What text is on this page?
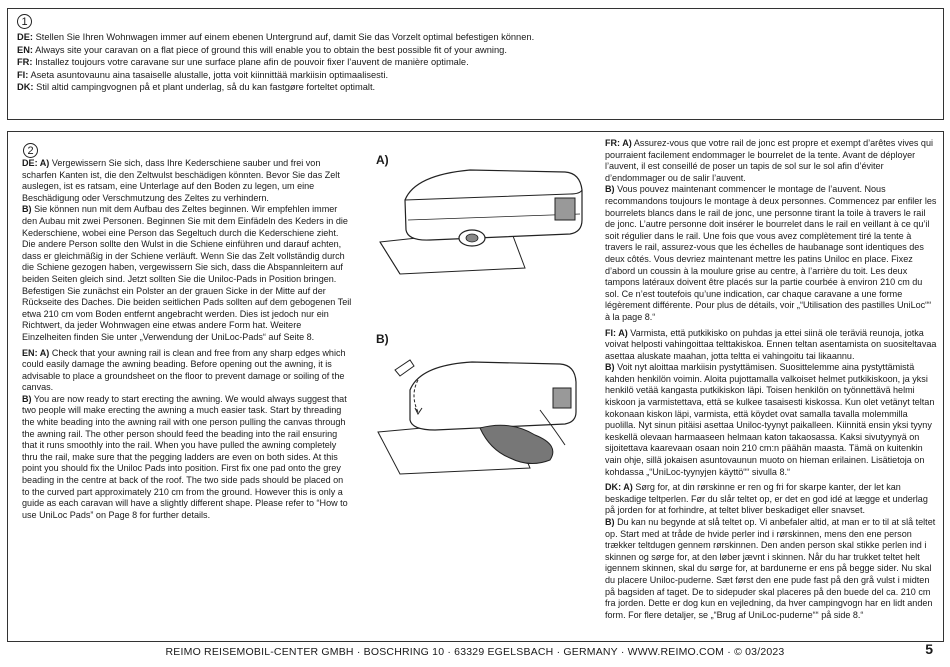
1
DE: Stellen Sie Ihren Wohnwagen immer auf einem ebenen Untergrund auf, damit Sie das Vorzelt optimal befestigen können.
EN: Always site your caravan on a flat piece of ground this will enable you to obtain the best possible fit of your awning.
FR: Installez toujours votre caravane sur une surface plane afin de pouvoir fixer l’auvent de manière optimale.
FI: Aseta asuntovaunu aina tasaiselle alustalle, jotta voit kiinnittää markiisin optimaalisesti.
DK: Stil altid campingvognen på et plant underlag, så du kan fastgøre forteltet optimalt.
2

DE: A) Vergewissern Sie sich, dass Ihre Kederschiene sauber und frei von scharfen Kanten ist, die den Zeltwulst beschädigen könnten. Bevor Sie das Zelt auslegen, ist es ratsam, eine Unterlage auf den Boden zu legen, um eine Beschädigung oder Verschmutzung des Zeltes zu verhindern.
B) Sie können nun mit dem Aufbau des Zeltes beginnen. Wir empfehlen immer den Aubau mit zwei Personen. Beginnen Sie mit dem Einfädeln des Keders in die Kederschiene, wobei eine Person das Segeltuch durch die Kederschiene zieht. Die andere Person sollte den Wulst in die Schiene einführen und darauf achten, dass er gleichmäßig in der Schiene verläuft. Wenn Sie das Zelt vollständig durch die Schiene gezogen haben, vergewissern Sie sich, dass die Abspannleitern auf beiden Seiten gleich sind. Jetzt sollten Sie die Uniloc-Pads in Position bringen. Befestigen Sie zunächst ein Polster an der grauen Sicke in der Mitte auf der Rückseite des Daches. Die beiden seitlichen Pads sollten auf dem gebogenen Teil etwa 210 cm vom Boden entfernt angebracht werden. Dies ist jedoch nur ein Richtwert, da jeder Wohnwagen eine etwas andere Form hat. Weitere Einzelheiten finden Sie unter „Verwendung der UniLoc-Pads“ auf Seite 8.

EN: A) Check that your awning rail is clean and free from any sharp edges which could easily damage the awning beading. Before opening out the awning, it is advisable to place a groundsheet on the floor to prevent damage or soiling of the canvas.
B) You are now ready to start erecting the awning. We would always suggest that two people will make erecting the awning a much easier task. Start by threading the white beading into the awning rail with one person pulling the canvas through the awning rail. The other person should feed the beading into the rail ensuring that it runs smoothly into the rail. When you have pulled the awning completely thru the rail, make sure that the pegging ladders are even on both sides. At this point you should fix the Uniloc Pads into position. First fix one pad onto the grey beading in the centre at back of the roof. The two side pads should be placed on to the curved part approximately 210 cm from the ground. However this is only a guide as each caravan will have a slightly different shape. Please refer to “How to use UniLoc Pads” on Page 8 for further details.

A)
B)

FR: A) Assurez-vous que votre rail de jonc est propre et exempt d’arêtes vives qui pourraient facilement endommager le bourrelet de la tente. Avant de déployer l’auvent, il est conseillé de poser un tapis de sol sur le sol afin d’éviter d’endommager ou de salir l’auvent.
B) Vous pouvez maintenant commencer le montage de l’auvent. Nous recommandons toujours le montage à deux personnes. Commencez par enfiler les bourrelets blancs dans le rail de jonc, une personne tirant la toile à travers le rail de jonc. L’autre personne doit insérer le bourrelet dans le rail en veillant à ce qu’il soit régulier dans le rail. Une fois que vous avez complètement tiré la tente à travers le rail, assurez-vous que les échelles de haubanage sont identiques des deux côtés. Vous devriez maintenant mettre les patins Uniloc en place. Fixez d’abord un coussin à la moulure grise au centre, à l’arrière du toit. Les deux tampons latéraux doivent être placés sur la partie courbée à environ 210 cm du sol. Ce n’est toutefois qu’une indication, car chaque caravane a une forme légèrement différente. Pour plus de détails, voir „“Utilisation des pastilles UniLoc““ à la page 8.“

FI: A) Varmista, että putkikisko on puhdas ja ettei siinä ole teräviä reunoja, jotka voivat helposti vahingoittaa telttakiskoa. Ennen teltan asentamista on suositeltavaa asettaa aluskate maahan, jotta teltta ei vahingoitu tai likaannu.
B) Voit nyt aloittaa markiisin pystyttämisen. Suosittelemme aina pystyttämistä kahden henkilön voimin. Aloita pujottamalla valkoiset helmet putkikiskoon, ja yksi henkilö vetää kangasta putkikiskon läpi. Toisen henkilön on työnnettävä helmi kiskoon ja varmistettava, että se kulkee tasaisesti kiskossa. Kun olet vetänyt teltan kokonaan kiskon läpi, varmista, että köydet ovat samalla tavalla molemmilla puolilla. Nyt sinun pitäisi asettaa Uniloc-tyynyt paikalleen. Kiinnitä ensin yksi tyyny keskellä olevaan harmaaseen helmaan katon takaosassa. Kaksi sivutyynyä on sijoitettava kaarevaan osaan noin 210 cm:n päähän maasta. Tämä on kuitenkin vain ohje, sillä jokaisen asuntovaunun muoto on hieman erilainen. Lisätietoja on kohdassa „“UniLoc-tyynyjen käyttö““ sivulla 8.“

DK: A) Sørg for, at din rørskinne er ren og fri for skarpe kanter, der let kan beskadige teltperlen. Før du slår teltet op, er det en god idé at lægge et underlag på jorden for at forhindre, at teltet bliver beskadiget eller snavset.
B) Du kan nu begynde at slå teltet op. Vi anbefaler altid, at man er to til at slå teltet op. Start med at tråde de hvide perler ind i rørskinnen, mens den ene person trækker teltdugen gennem rørskinnen. Den anden person skal stikke perlen ind i skinnen og sørge for, at den løber jævnt i skinnen. Når du har trukket teltet helt igennem skinnen, skal du sørge for, at bardunerne er ens på begge sider. Nu skal du placere Uniloc-puderne. Sæt først den ene pude fast på den grå vulst i midten på bagsiden af taget. De to sidepuder skal placeres på den buede del ca. 210 cm fra jorden. Dette er dog kun en vejledning, da hver campingvogn har en lidt anden form. For flere detaljer, se „“Brug af UniLoc-puderne““ på side 8.“

REIMO REISEMOBIL-CENTER GMBH · BOSCHRING 10 · 63329 EGELSBACH · GERMANY · WWW.REIMO.COM · © 03/2023	5
